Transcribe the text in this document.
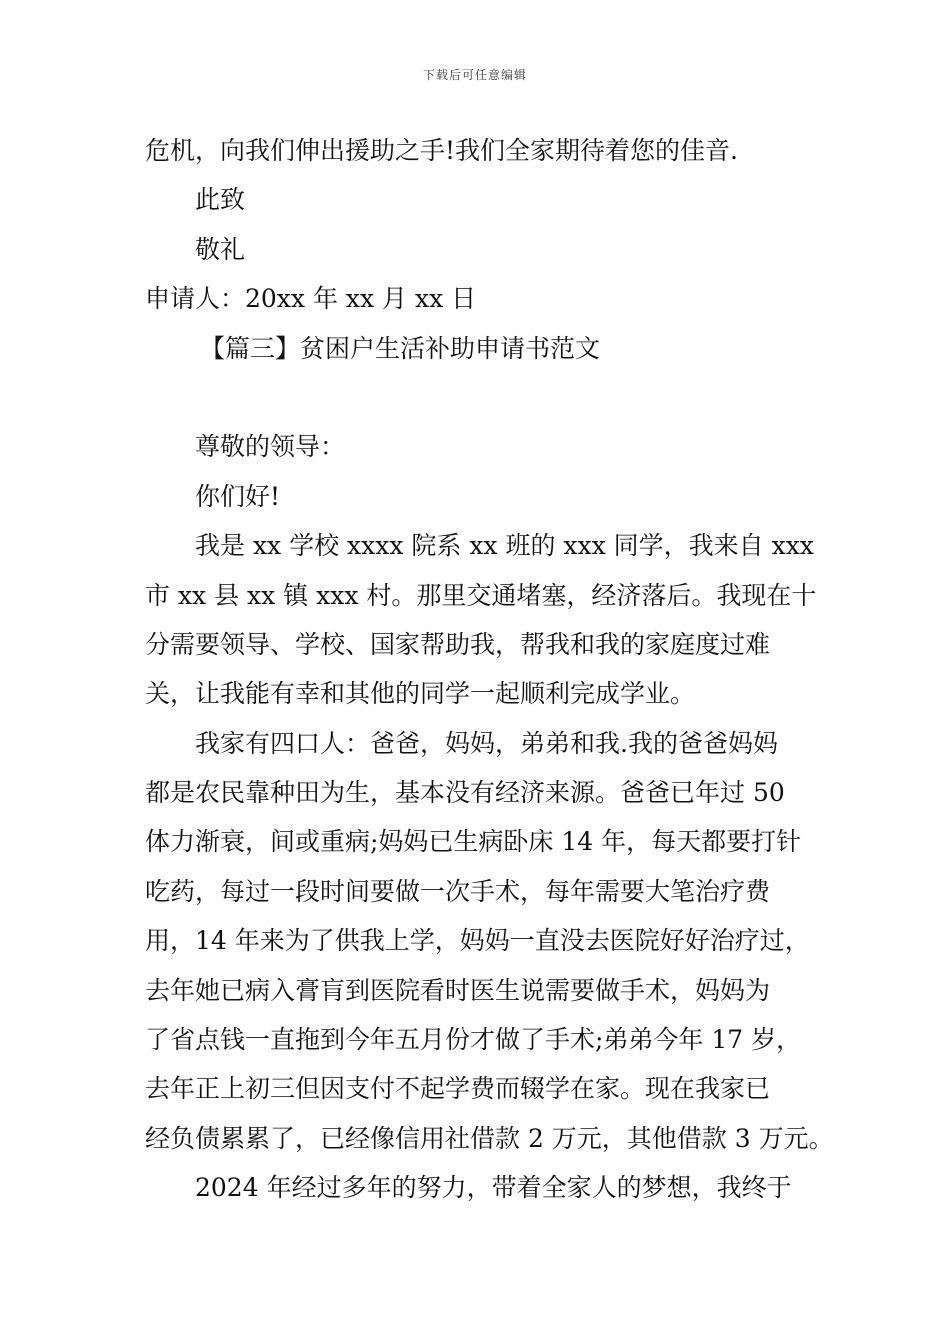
下载后可任意编辑
危机，向我们伸出援助之手!我们全家期待着您的佳音.
此致
敬礼
申请人：20xx 年 xx 月 xx 日
【篇三】贫困户生活补助申请书范文
尊敬的领导：
你们好!
我是 xx 学校 xxxx 院系 xx 班的 xxx 同学，我来自 xxx
市 xx 县 xx 镇 xxx 村。那里交通堵塞，经济落后。我现在十
分需要领导、学校、国家帮助我，帮我和我的家庭度过难
关，让我能有幸和其他的同学一起顺利完成学业。
我家有四口人：爸爸，妈妈，弟弟和我.我的爸爸妈妈
都是农民靠种田为生，基本没有经济来源。爸爸已年过 50
体力渐衰，间或重病;妈妈已生病卧床 14 年，每天都要打针
吃药，每过一段时间要做一次手术，每年需要大笔治疗费
用，14 年来为了供我上学，妈妈一直没去医院好好治疗过，
去年她已病入膏肓到医院看时医生说需要做手术，妈妈为
了省点钱一直拖到今年五月份才做了手术;弟弟今年 17 岁，
去年正上初三但因支付不起学费而辍学在家。现在我家已
经负债累累了，已经像信用社借款 2 万元，其他借款 3 万元。
2024 年经过多年的努力，带着全家人的梦想，我终于
